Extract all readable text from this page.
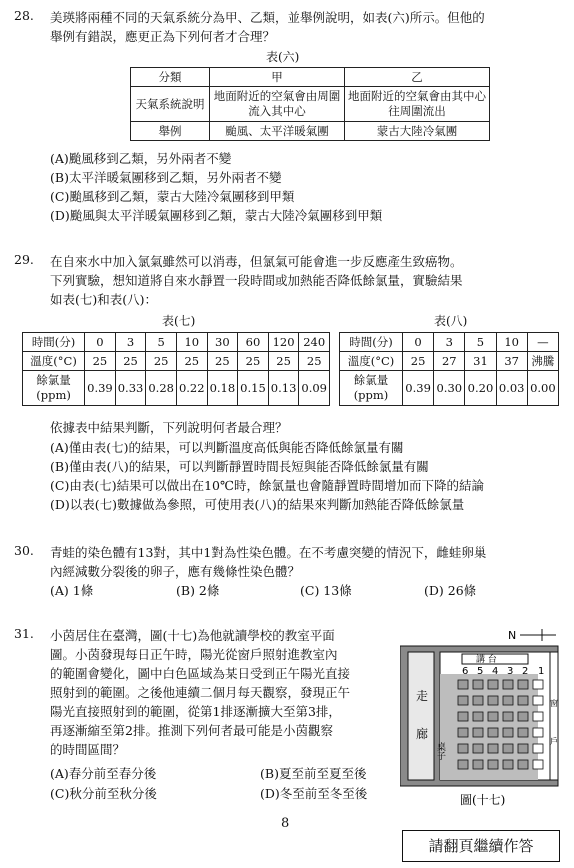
28. 美瑛將兩種不同的天氣系統分為甲、乙類，並舉例說明，如表(六)所示。但他的
舉例有錯誤，應更正為下列何者才合理？
表(六)
分類	甲	乙
天氣系統說明	地面附近的空氣會由周圍流入其中心	地面附近的空氣會由其中心往周圍流出
舉例	颱風、太平洋暖氣團	蒙古大陸冷氣團
(A)颱風移到乙類，另外兩者不變
(B)太平洋暖氣團移到乙類，另外兩者不變
(C)颱風移到乙類，蒙古大陸冷氣團移到甲類
(D)颱風與太平洋暖氣團移到乙類，蒙古大陸冷氣團移到甲類
29. 在自來水中加入氯氣雖然可以消毒，但氯氣可能會進一步反應產生致癌物。
下列實驗，想知道將自來水靜置一段時間或加熱能否降低餘氯量，實驗結果
如表(七)和表(八)：
表(七)	表(八)
時間(分)	0	3	5	10	30	60	120	240
溫度(°C)	25	25	25	25	25	25	25	25

餘氯量
(ppm)	0.39	0.33	0.28	0.22	0.18	0.15	0.13	0.09
時間(分)	0	3	5	10	—
溫度(°C)	25	27	31	37	沸騰

餘氯量
(ppm)	0.39	0.30	0.20	0.03	0.00
依據表中結果判斷，下列說明何者最合理？
(A)僅由表(七)的結果，可以判斷溫度高低與能否降低餘氯量有關
(B)僅由表(八)的結果，可以判斷靜置時間長短與能否降低餘氯量有關
(C)由表(七)結果可以做出在10℃時，餘氯量也會隨靜置時間增加而下降的結論
(D)以表(七)數據做為參照，可使用表(八)的結果來判斷加熱能否降低餘氯量
30. 青蛙的染色體有13對，其中1對為性染色體。在不考慮突變的情況下，雌蛙卵巢
內經減數分裂後的卵子，應有幾條性染色體？
(A) 1條	(B) 2條	(C) 13條	(D) 26條
31. 小茵居住在臺灣，圖(十七)為他就讀學校的教室平面
圖。小茵發現每日正午時，陽光從窗戶照射進教室內
的範圍會變化，圖中白色區域為某日受到正午陽光直接
照射到的範圍。之後他連續二個月每天觀察，發現正午
陽光直接照射到的範圍，從第1排逐漸擴大至第3排，
再逐漸縮至第2排。推測下列何者最可能是小茵觀察
的時間區間？
(A)春分前至春分後	(B)夏至前至夏至後
(C)秋分前至秋分後	(D)冬至前至冬至後
N
走
廊
講 台
6 5 4 3 2 1
窗
戶
桌子
圖(十七)
8
請翻頁繼續作答
